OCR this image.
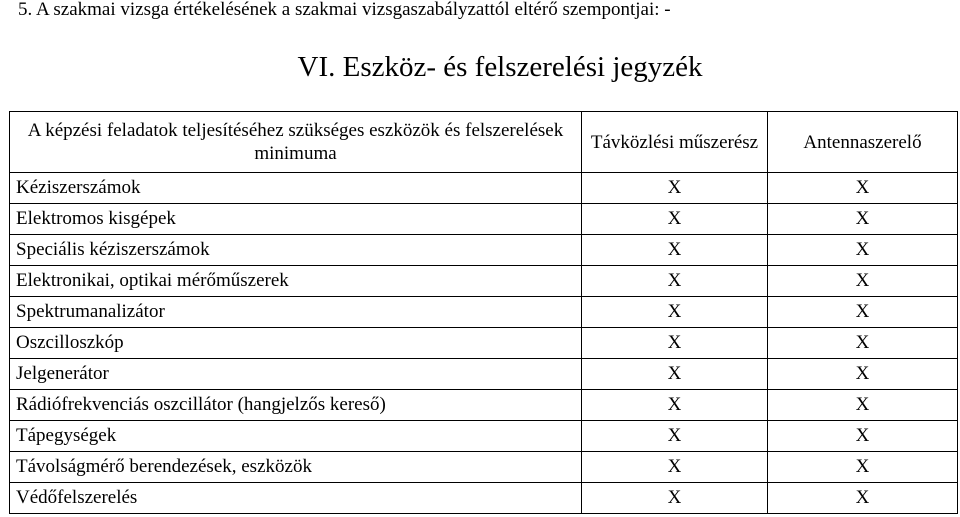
5. A szakmai vizsga értékelésének a szakmai vizsgaszabályzattól eltérő szempontjai: -
VI. Eszköz- és felszerelési jegyzék
A képzési feladatok teljesítéséhez szükséges eszközök és felszerelések minimuma	Távközlési műszerész	Antennaszerelő
Kéziszerszámok	X	X
Elektromos kisgépek	X	X
Speciális kéziszerszámok	X	X
Elektronikai, optikai mérőműszerek	X	X
Spektrumanalizátor	X	X
Oszcilloszkóp	X	X
Jelgenerátor	X	X
Rádiófrekvenciás oszcillátor (hangjelzős kereső)	X	X
Tápegységek	X	X
Távolságmérő berendezések, eszközök	X	X
Védőfelszerelés	X	X
